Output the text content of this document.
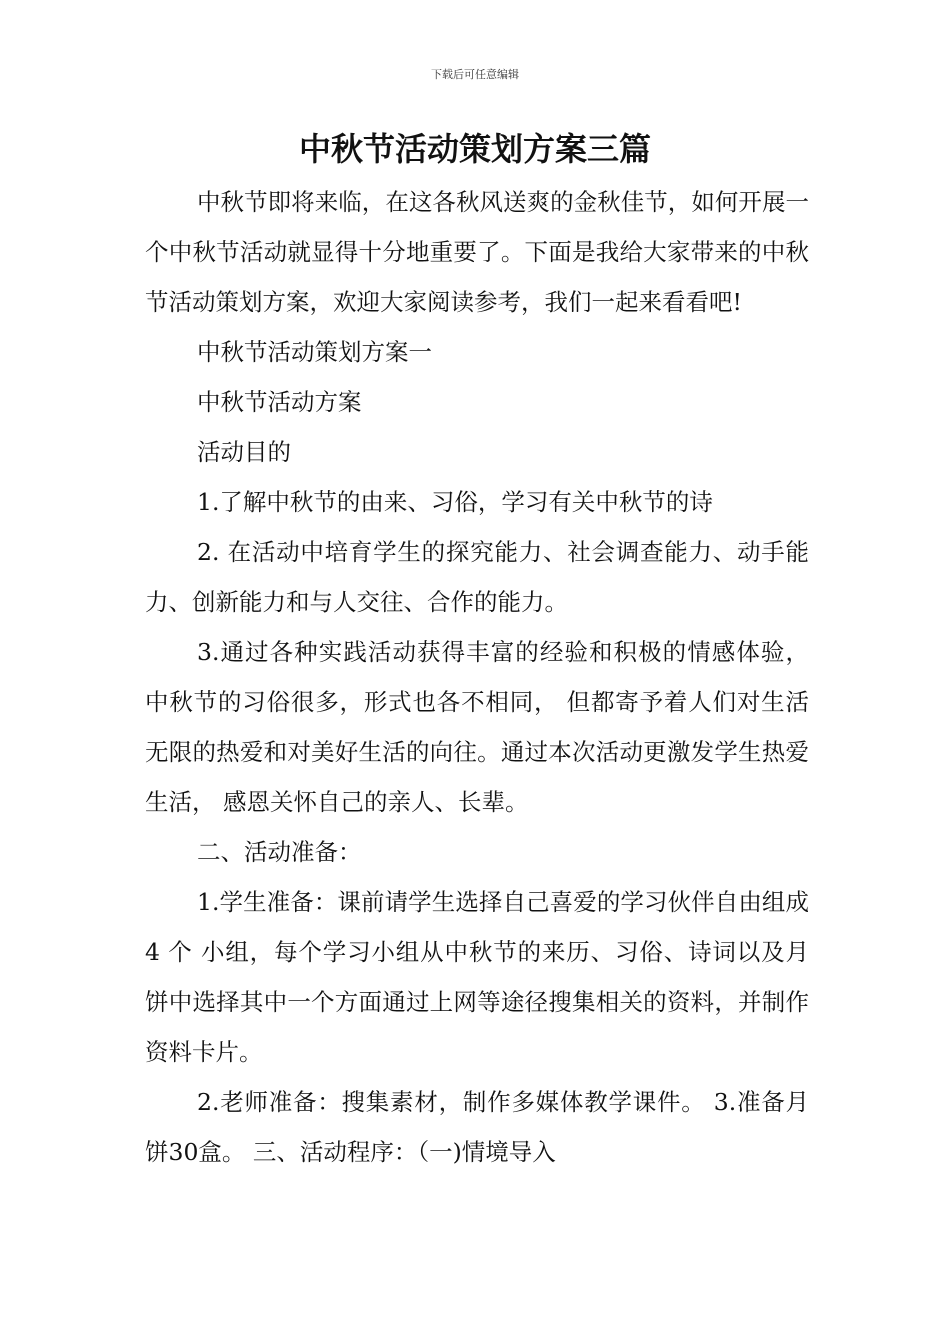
下载后可任意编辑
中秋节活动策划方案三篇

中秋节即将来临，在这各秋风送爽的金秋佳节，如何开展一个中秋节活动就显得十分地重要了。下面是我给大家带来的中秋节活动策划方案，欢迎大家阅读参考，我们一起来看看吧!

中秋节活动策划方案一

中秋节活动方案

活动目的

1.了解中秋节的由来、习俗，学习有关中秋节的诗

2. 在活动中培育学生的探究能力、社会调查能力、动手能力、创新能力和与人交往、合作的能力。

3.通过各种实践活动获得丰富的经验和积极的情感体验， 中秋节的习俗很多，形式也各不相同， 但都寄予着人们对生活无限的热爱和对美好生活的向往。通过本次活动更激发学生热爱生活， 感恩关怀自己的亲人、长辈。

二、活动准备：

1.学生准备：课前请学生选择自己喜爱的学习伙伴自由组成4 个 小组，每个学习小组从中秋节的来历、习俗、诗词以及月饼中选择其中一个方面通过上网等途径搜集相关的资料，并制作资料卡片。

2.老师准备：搜集素材，制作多媒体教学课件。 3.准备月饼30盒。 三、活动程序：（一)情境导入
